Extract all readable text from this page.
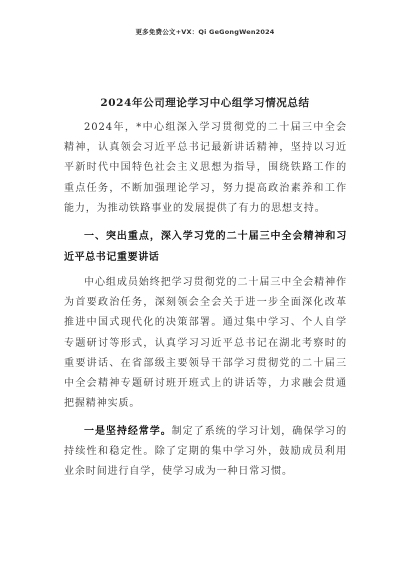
更多免费公文+VX：Qi GeGongWen2024
2024年公司理论学习中心组学习情况总结
2024年，*中心组深入学习贯彻党的二十届三中全会精神，认真领会习近平总书记最新讲话精神，坚持以习近平新时代中国特色社会主义思想为指导，围绕铁路工作的重点任务，不断加强理论学习，努力提高政治素养和工作能力，为推动铁路事业的发展提供了有力的思想支持。
一、突出重点，深入学习党的二十届三中全会精神和习近平总书记重要讲话
中心组成员始终把学习贯彻党的二十届三中全会精神作为首要政治任务，深刻领会全会关于进一步全面深化改革推进中国式现代化的决策部署。通过集中学习、个人自学专题研讨等形式，认真学习习近平总书记在湖北考察时的重要讲话、在省部级主要领导干部学习贯彻党的二十届三中全会精神专题研讨班开班式上的讲话等，力求融会贯通把握精神实质。
一是坚持经常学。制定了系统的学习计划，确保学习的持续性和稳定性。除了定期的集中学习外，鼓励成员利用业余时间进行自学，使学习成为一种日常习惯。
